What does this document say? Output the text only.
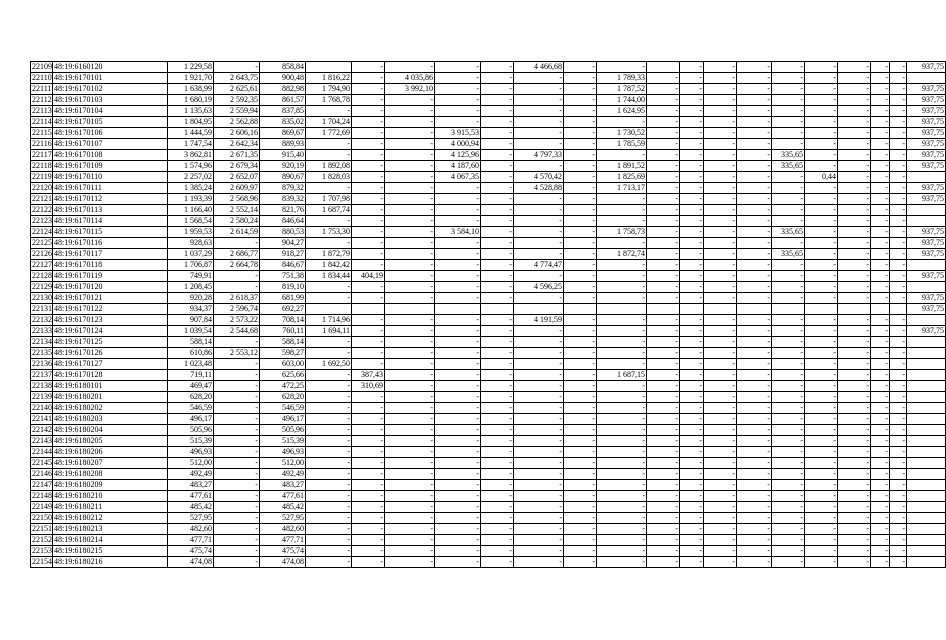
22109	48:19:6160120	1 229,58	-	858,84		-	-	-	-	4 466,68	-	-		-	-	-	-	-	-	-	-	937,75
22110	48:19:6170101	1 921,70	2 643,75	900,48	1 816,22	-	4 035,86	-	-	-	-	1 789,33	-	-	-	-	-	-	-	-	-	
22111	48:19:6170102	1 638,99	2 625,61	882,98	1 794,90	-	3 992,10	-	-	-	-	1 787,52	-	-	-	-	-	-	-	-	-	937,75
22112	48:19:6170103	1 680,19	2 592,35	861,57	1 768,78	-	-	-	-	-	-	1 744,00	-	-	-	-	-	-	-	-	-	937,75
22113	48:19:6170104	1 135,63	2 559,94	837,85	-	-	-	-	-	-	-	1 624,95	-	-	-	-	-	-	-	-	-	937,75
22114	48:19:6170105	1 804,95	2 562,88	835,02	1 704,24	-	-	-	-	-	-	-	-	-	-	-	-	-	-	-	-	937,75
22115	48:19:6170106	1 444,59	2 606,16	869,67	1 772,69	-	-	3 915,53	-	-	-	1 730,52	-	-	-	-	-	-	-	-	-	937,75
22116	48:19:6170107	1 747,54	2 642,34	889,93	-	-	-	4 000,94	-	-	-	1 785,59	-	-	-	-	-	-	-	-	-	937,75
22117	48:19:6170108	3 862,81	2 671,35	915,40	-	-	-	4 125,96	-	4 797,33	-	-	-	-	-	-	335,65	-	-	-	-	937,75
22118	48:19:6170109	1 574,96	2 679,34	920,19	1 892,08	-	-	4 187,60	-	-	-	1 891,52	-	-	-	-	335,65	-	-	-	-	937,75
22119	48:19:6170110	2 257,02	2 652,07	890,67	1 828,03	-	-	4 067,35	-	4 570,42	-	1 825,69	-	-	-	-	-	0,44	-	-	-	
22120	48:19:6170111	1 385,24	2 609,97	879,32	-	-	-	-	-	4 528,88	-	1 713,17	-	-	-	-	-	-	-	-	-	937,75
22121	48:19:6170112	1 193,39	2 568,96	839,32	1 707,98	-	-	-	-	-	-	-	-	-	-	-	-	-	-	-	-	937,75
22122	48:19:6170113	1 166,40	2 552,14	821,76	1 687,74	-	-	-	-	-	-	-	-	-	-	-	-	-	-	-	-	
22123	48:19:6170114	1 568,54	2 580,24	846,64	-	-	-	-	-	-	-	-	-	-	-	-	-	-	-	-	-	
22124	48:19:6170115	1 959,53	2 614,59	880,53	1 753,30	-	-	3 584,10	-	-	-	1 758,73	-	-	-	-	335,65	-	-	-	-	937,75
22125	48:19:6170116	928,63	-	904,27	-	-	-	-	-	-	-	-	-	-	-	-	-	-	-	-	-	937,75
22126	48:19:6170117	1 037,29	2 686,77	918,27	1 872,79	-	-	-	-	-	-	1 872,74	-	-	-	-	335,65	-	-	-	-	937,75
22127	48:19:6170118	1 706,87	2 664,78	846,67	1 842,42	-	-	-	-	4 774,47	-	-	-	-	-	-	-	-	-	-	-	
22128	48:19:6170119	749,91	-	751,38	1 834,44	404,19	-	-	-	-	-	-	-	-	-	-	-	-	-	-	-	937,75
22129	48:19:6170120	1 208,45	-	819,10	-	-	-	-	-	4 596,25	-	-	-	-	-	-	-	-	-	-	-	
22130	48:19:6170121	920,28	2 618,37	681,99	-	-	-	-	-	-	-	-	-	-	-	-	-	-	-	-	-	937,75
22131	48:19:6170122	934,37	2 596,74	692,27																		937,75
22132	48:19:6170123	907,84	2 573,22	708,14	1 714,96	-	-	-	-	4 191,59	-	-	-	-	-	-	-	-	-	-	-	
22133	48:19:6170124	1 039,54	2 544,68	760,11	1 694,11	-	-	-	-	-	-	-	-	-	-	-	-	-	-	-	-	937,75
22134	48:19:6170125	588,14	-	588,14	-	-	-	-	-	-	-	-	-	-	-	-	-	-	-	-	-	
22135	48:19:6170126	610,86	2 553,12	598,27	-	-	-	-	-	-	-	-	-	-	-	-	-	-	-	-	-	
22136	48:19:6170127	1 023,48	-	603,00	1 692,50	-	-	-	-	-	-	-	-	-	-	-	-	-	-	-	-	
22137	48:19:6170128	719,11	-	625,66	-	387,43	-	-	-	-	-	1 687,15	-	-	-	-	-	-	-	-	-	
22138	48:19:6180101	469,47	-	472,25	-	310,69	-	-	-	-	-	-	-	-	-	-	-	-	-	-	-	
22139	48:19:6180201	628,20	-	628,20	-	-	-	-	-	-	-	-	-	-	-	-	-	-	-	-	-	
22140	48:19:6180202	546,59	-	546,59	-	-	-	-	-	-	-	-	-	-	-	-	-	-	-	-	-	
22141	48:19:6180203	496,17	-	496,17	-	-	-	-	-	-	-	-	-	-	-	-	-	-	-	-	-	
22142	48:19:6180204	505,96	-	505,96	-	-	-	-	-	-	-	-	-	-	-	-	-	-	-	-	-	
22143	48:19:6180205	515,39	-	515,39	-	-	-	-	-	-	-	-	-	-	-	-	-	-	-	-	-	
22144	48:19:6180206	496,93	-	496,93	-	-	-	-	-	-	-	-	-	-	-	-	-	-	-	-	-	
22145	48:19:6180207	512,00	-	512,00	-	-	-	-	-	-	-	-	-	-	-	-	-	-	-	-	-	
22146	48:19:6180208	492,49	-	492,49	-	-	-	-	-	-	-	-	-	-	-	-	-	-	-	-	-	
22147	48:19:6180209	483,27	-	483,27	-	-	-	-	-	-	-	-	-	-	-	-	-	-	-	-	-	
22148	48:19:6180210	477,61	-	477,61	-	-	-	-	-	-	-	-	-	-	-	-	-	-	-	-	-	
22149	48:19:6180211	485,42	-	485,42	-	-	-	-	-	-	-	-	-	-	-	-	-	-	-	-	-	
22150	48:19:6180212	527,95	-	527,95	-	-	-	-	-	-	-	-	-	-	-	-	-	-	-	-	-	
22151	48:19:6180213	482,60	-	482,60	-	-	-	-	-	-	-	-	-	-	-	-	-	-	-	-	-	
22152	48:19:6180214	477,71	-	477,71	-	-	-	-	-	-	-	-	-	-	-	-	-	-	-	-	-	
22153	48:19:6180215	475,74	-	475,74	-	-	-	-	-	-	-	-	-	-	-	-	-	-	-	-	-	
22154	48:19:6180216	474,08	-	474,08	-	-	-	-	-	-	-	-	-	-	-	-	-	-	-	-	-	
